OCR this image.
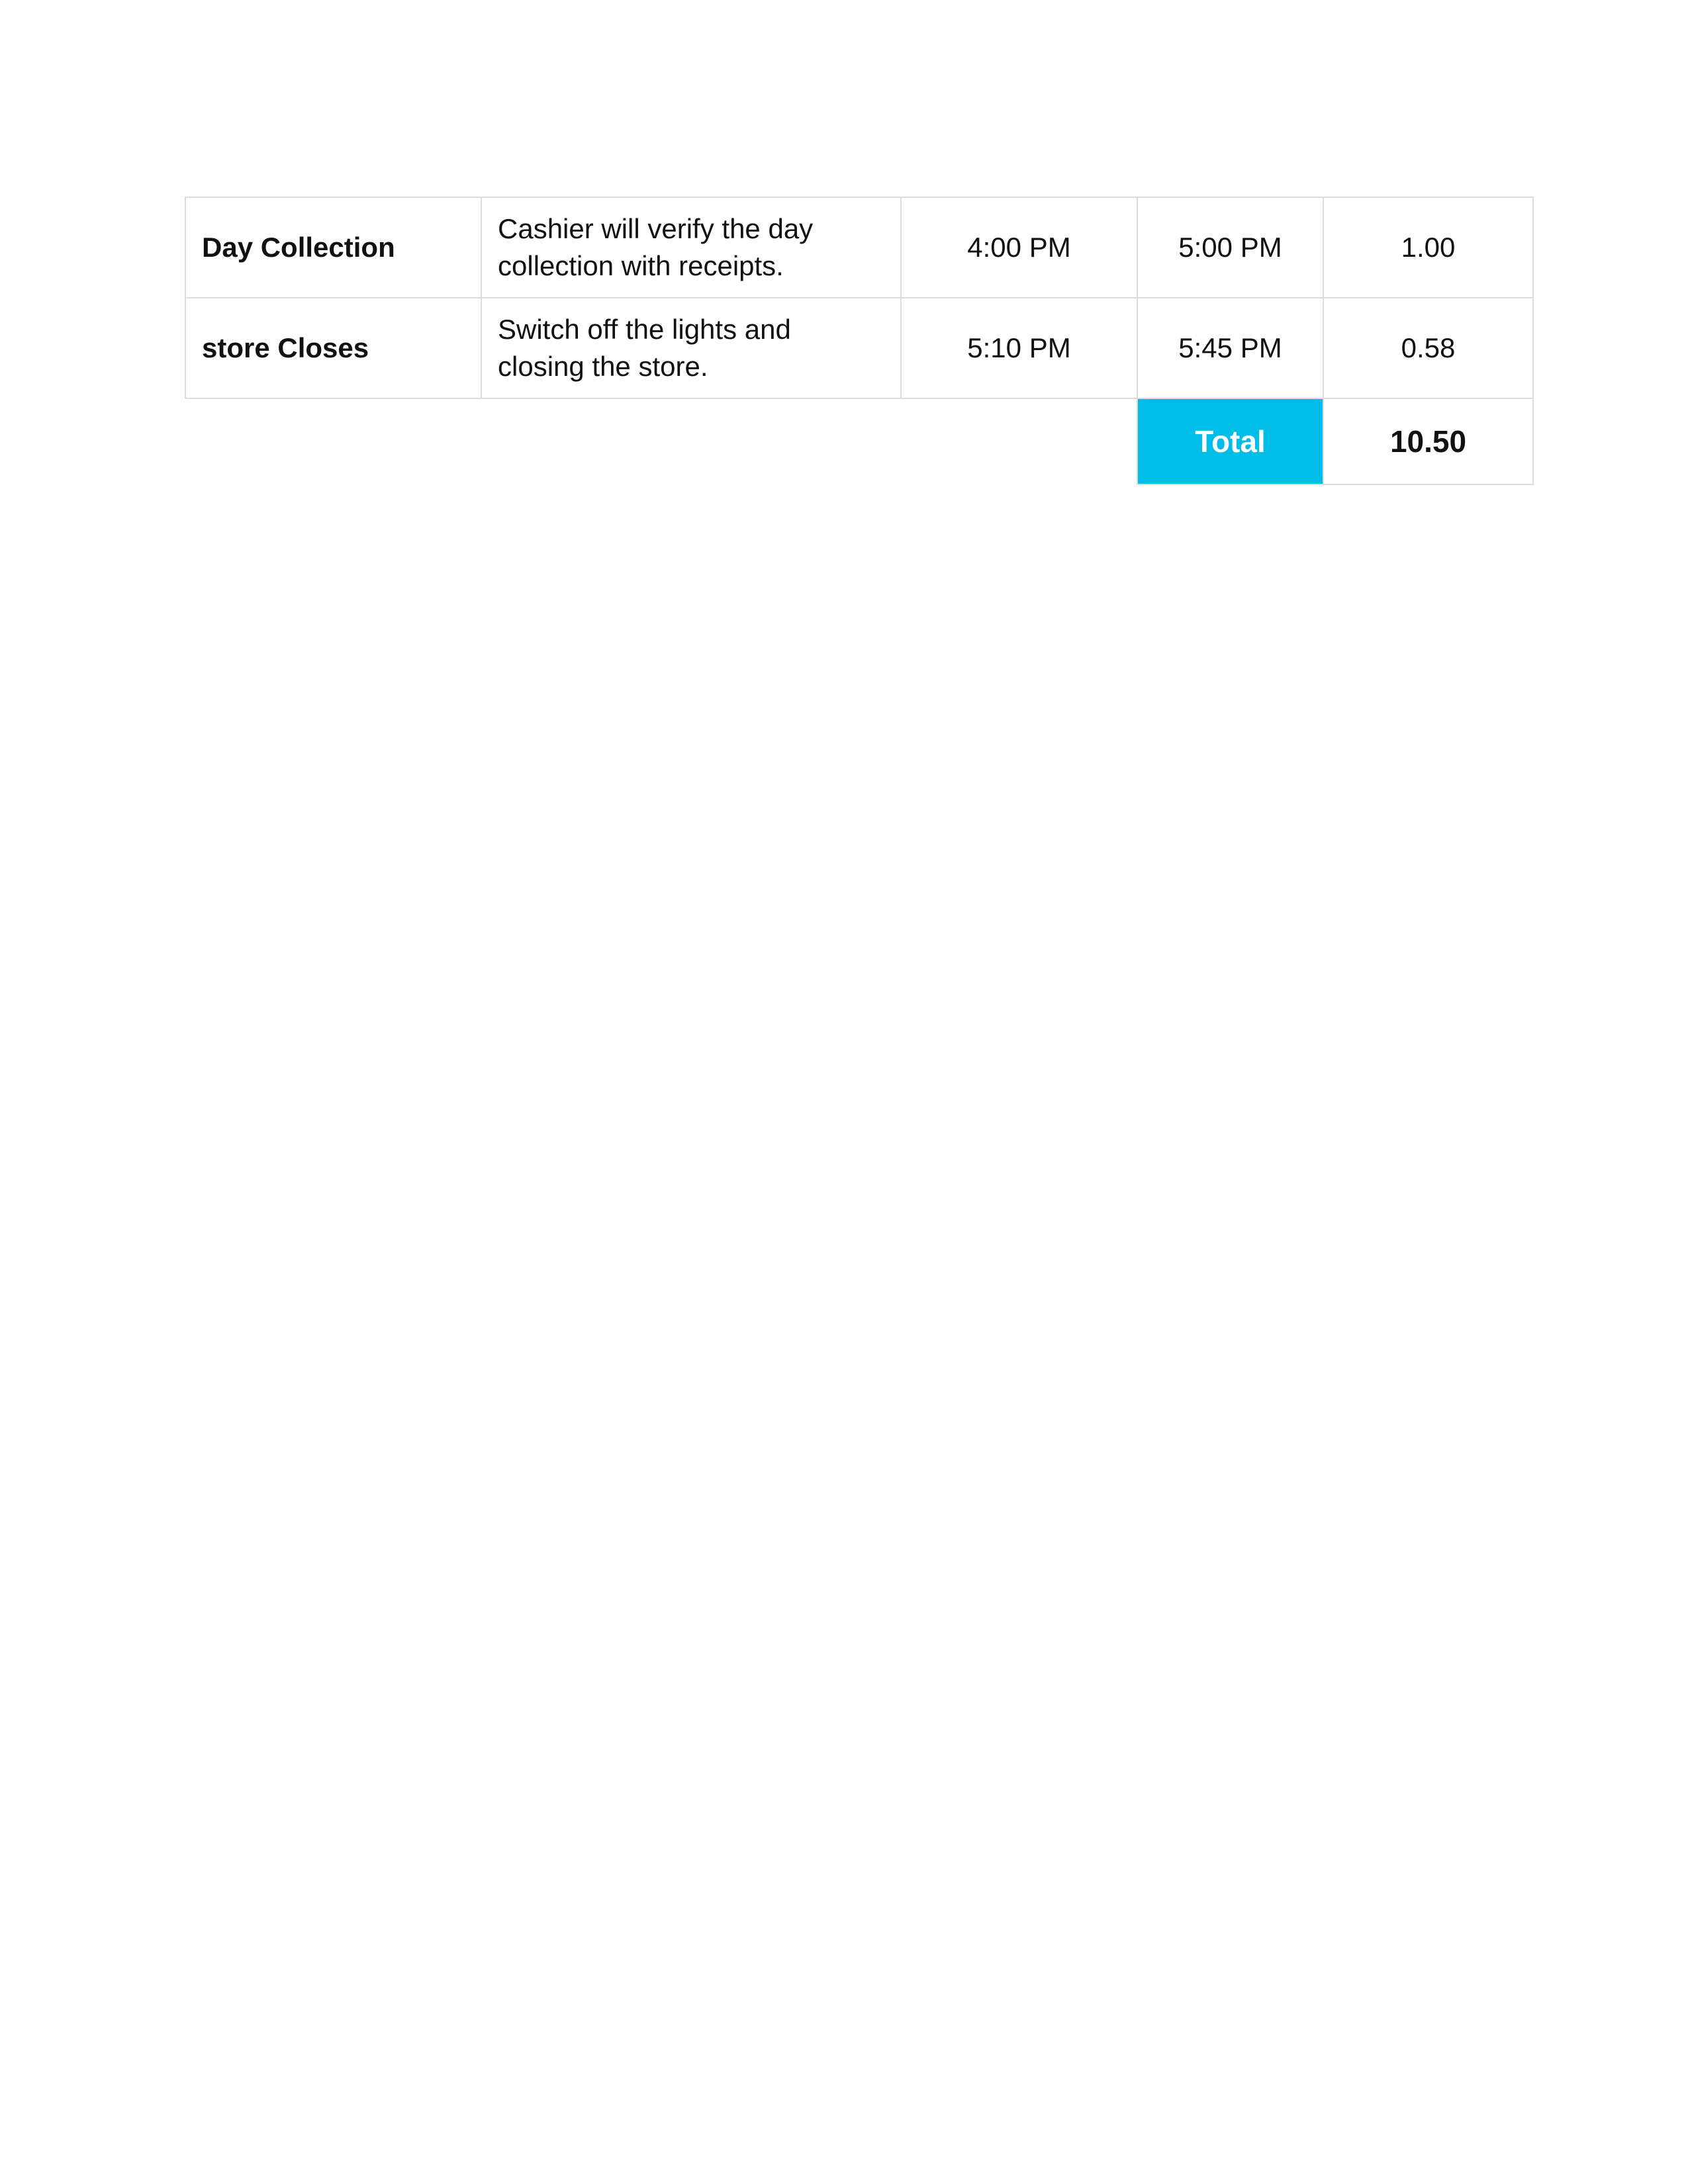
Day Collection	Cashier will verify the day collection with receipts.	4:00 PM	5:00 PM	1.00
store Closes	Switch off the lights and closing the store.	5:10 PM	5:45 PM	0.58
			Total	10.50
